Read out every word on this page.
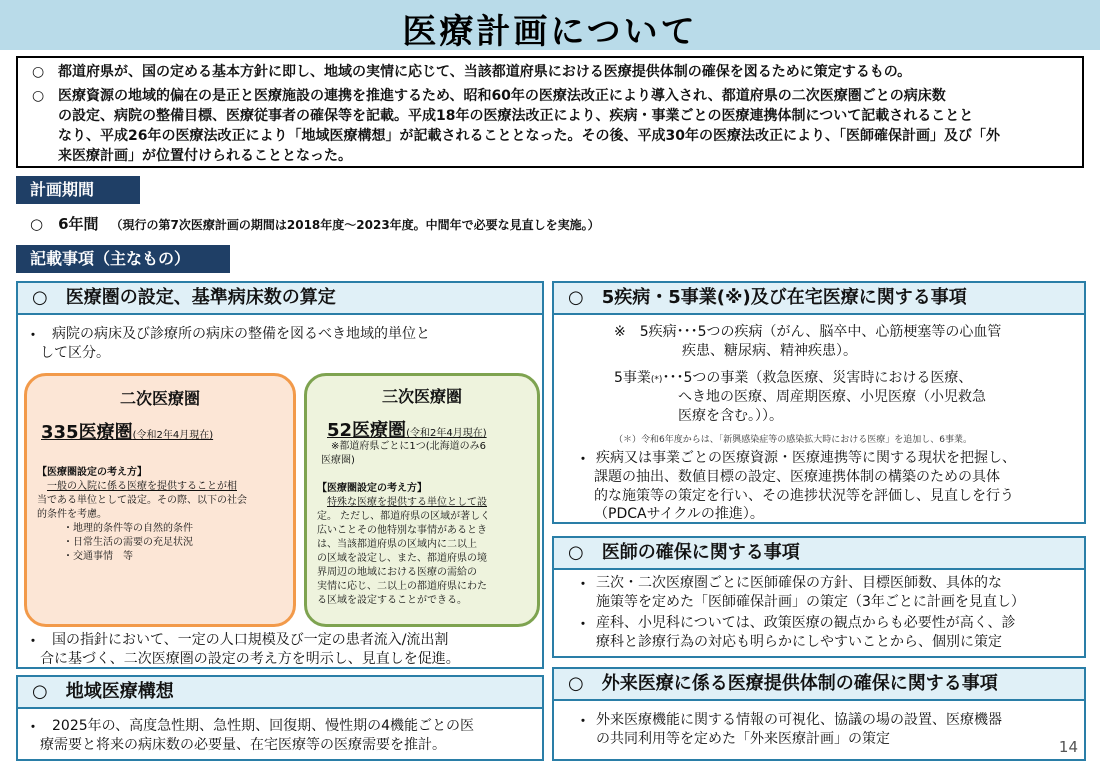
医療計画について
○ 都道府県が、国の定める基本方針に即し、地域の実情に応じて、当該都道府県における医療提供体制の確保を図るために策定するもの。
○ 医療資源の地域的偏在の是正と医療施設の連携を推進するため、昭和60年の医療法改正により導入され、都道府県の二次医療圏ごとの病床数
の設定、病院の整備目標、医療従事者の確保等を記載。平成18年の医療法改正により、疾病・事業ごとの医療連携体制について記載されることと
なり、平成26年の医療法改正により「地域医療構想」が記載されることとなった。その後、平成30年の医療法改正により、「医師確保計画」及び「外
来医療計画」が位置付けられることとなった。
計画期間
○　6年間 （現行の第7次医療計画の期間は2018年度～2023年度。中間年で必要な見直しを実施。）
記載事項（主なもの）
○　医療圏の設定、基準病床数の算定
・ 病院の病床及び診療所の病床の整備を図るべき地域的単位と
して区分。
二次医療圏
335医療圏(令和2年4月現在)
【医療圏設定の考え方】
一般の入院に係る医療を提供することが相
当である単位として設定。その際、以下の社会
的条件を考慮。
・地理的条件等の自然的条件
・日常生活の需要の充足状況
・交通事情　等
三次医療圏
52医療圏(令和2年4月現在)
※都道府県ごとに1つ(北海道のみ6
医療圏)
【医療圏設定の考え方】
特殊な医療を提供する単位として設
定。 ただし、都道府県の区域が著しく
広いことその他特別な事情があるとき
は、当該都道府県の区域内に二以上
の区域を設定し、また、都道府県の境
界周辺の地域における医療の需給の
実情に応じ、二以上の都道府県にわた
る区域を設定することができる。
・ 国の指針において、一定の人口規模及び一定の患者流入/流出割
合に基づく、二次医療圏の設定の考え方を明示し、見直しを促進。
○　地域医療構想
・ 2025年の、高度急性期、急性期、回復期、慢性期の4機能ごとの医
療需要と将来の病床数の必要量、在宅医療等の医療需要を推計。
○　5疾病・5事業(※)及び在宅医療に関する事項
※　5疾病･･･5つの疾病（がん、脳卒中、心筋梗塞等の心血管
疾患、糖尿病、精神疾患）。
5事業(*)･･･5つの事業（救急医療、災害時における医療、
へき地の医療、周産期医療、小児医療（小児救急
医療を含む。））。
（＊）令和6年度からは、「新興感染症等の感染拡大時における医療」を追加し、6事業。
・ 疾病又は事業ごとの医療資源・医療連携等に関する現状を把握し、
課題の抽出、数値目標の設定、医療連携体制の構築のための具体
的な施策等の策定を行い、その進捗状況等を評価し、見直しを行う
（PDCAサイクルの推進）。
○　医師の確保に関する事項
・ 三次・二次医療圏ごとに医師確保の方針、目標医師数、具体的な
施策等を定めた「医師確保計画」の策定（3年ごとに計画を見直し）
・ 産科、小児科については、政策医療の観点からも必要性が高く、診
療科と診療行為の対応も明らかにしやすいことから、個別に策定
○　外来医療に係る医療提供体制の確保に関する事項
・ 外来医療機能に関する情報の可視化、協議の場の設置、医療機器
の共同利用等を定めた「外来医療計画」の策定	14
